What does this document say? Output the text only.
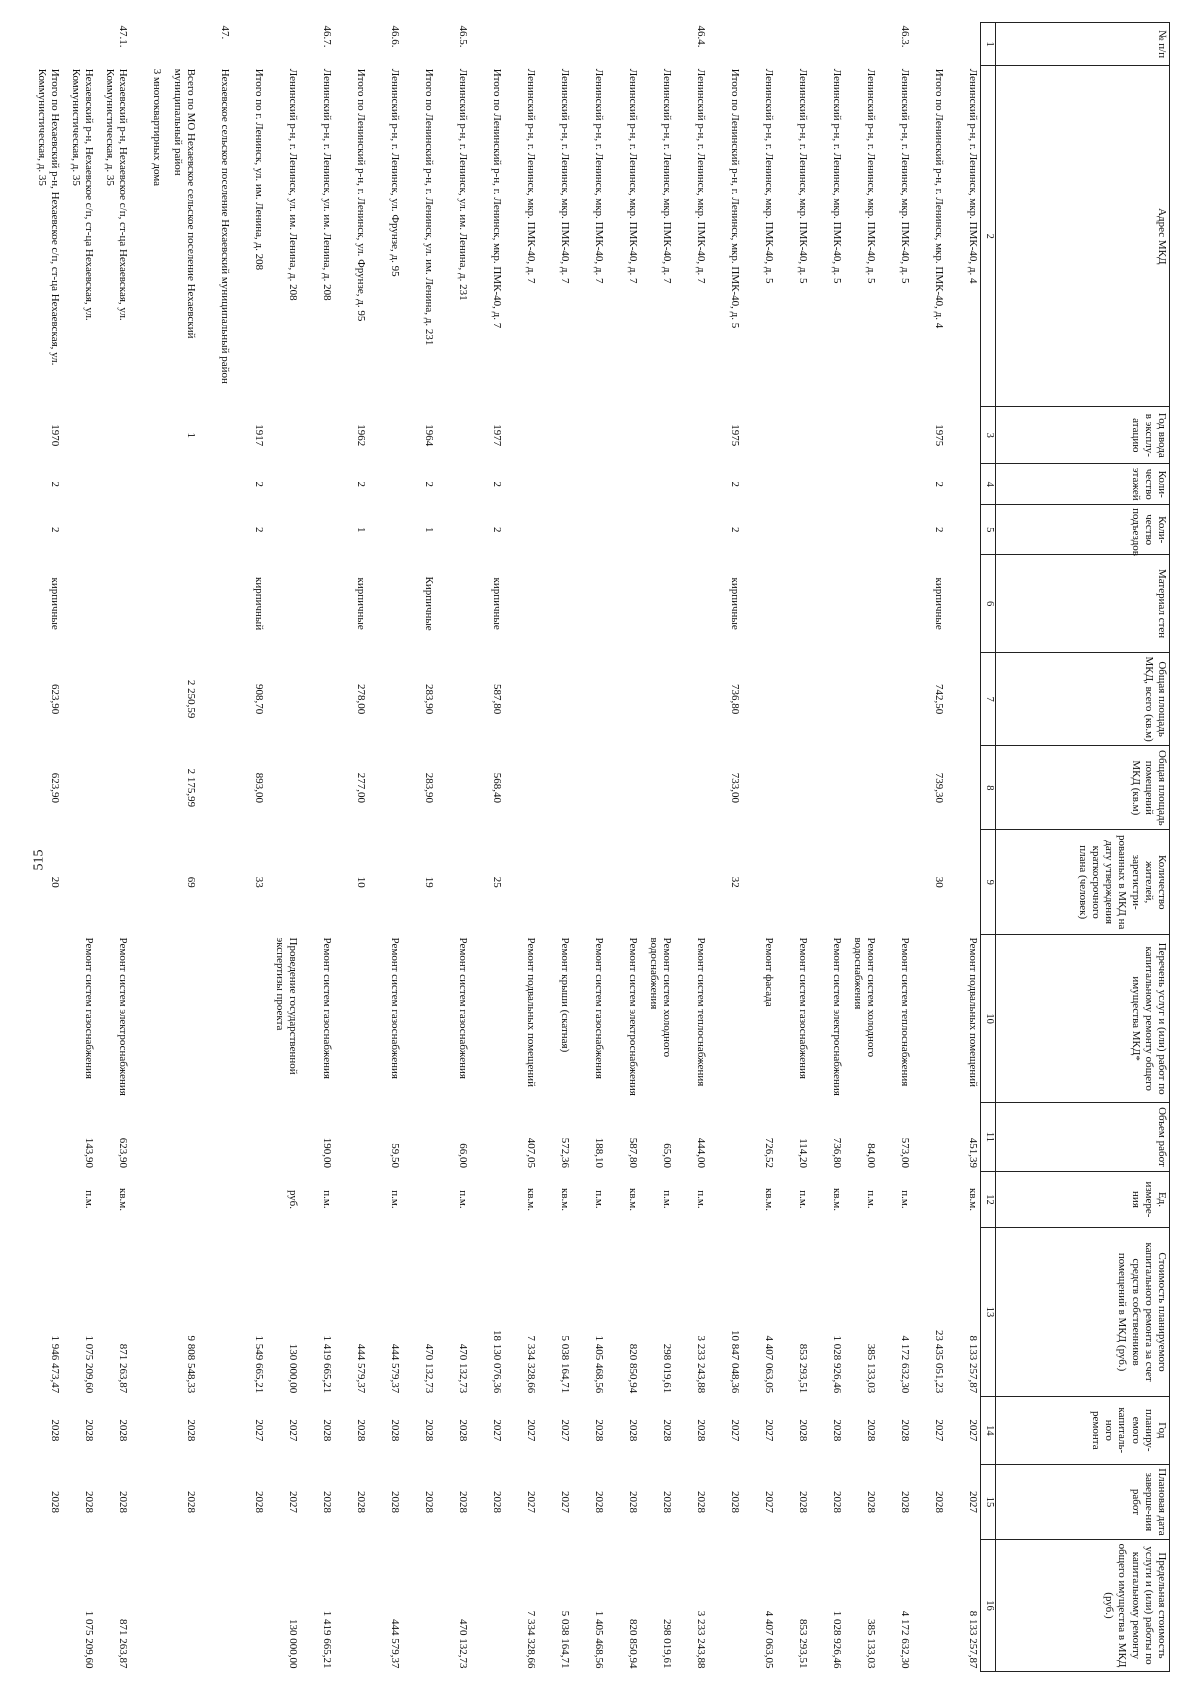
515
№ п/п	Адрес МКД	Год ввода в эксплу-атацию	Коли-чество этажей	Коли-чество подъездов	Материал стен	Общая площадь МКД, всего (кв.м)	Общая площадь помещений МКД (кв.м)	Количество жителей, зарегистри-рованных в МКД на дату утверждения краткосрочного плана (человек)	Перечень услуг и (или) работ по капитальному ремонту общего имущества МКД*	Объем работ	Ед. измере-ния	Стоимость планируемого капитального ремонта за счет средств собственников помещений в МКД (руб.)	Год планиру-емого капиталь-ного ремонта	Плановая дата заверше-ния работ	Предельная стоимость услуги и (или) работы по капитальному ремонту общего имущества в МКД (руб.)
1	2	3	4	5	6	7	8	9	10	11	12	13	14	15	16
	Ленинский р-н, г. Ленинск, мкр. ПМК-40, д. 4								Ремонт подвальных помещений	451,39	кв.м.	8 133 257,87	2027	2027	8 133 257,87
	Итого по Ленинский р-н, г. Ленинск, мкр. ПМК-40, д. 4	1975	2	2	кирпичные	742,50	739,30	30				23 435 051,23	2027	2028	
46.3.	Ленинский р-н, г. Ленинск, мкр. ПМК-40, д. 5								Ремонт систем теплоснабжения	573,00	п.м.	4 172 632,30	2028	2028	4 172 632,30
	Ленинский р-н, г. Ленинск, мкр. ПМК-40, д. 5								Ремонт систем холодного водоснабжения	84,00	п.м.	385 133,03	2028	2028	385 133,03
	Ленинский р-н, г. Ленинск, мкр. ПМК-40, д. 5								Ремонт систем электроснабжения	736,80	кв.м.	1 028 926,46	2028	2028	1 028 926,46
	Ленинский р-н, г. Ленинск, мкр. ПМК-40, д. 5								Ремонт систем газоснабжения	114,20	п.м.	853 293,51	2028	2028	853 293,51
	Ленинский р-н, г. Ленинск, мкр. ПМК-40, д. 5								Ремонт фасада	726,52	кв.м.	4 407 063,05	2027	2027	4 407 063,05
	Итого по Ленинский р-н, г. Ленинск, мкр. ПМК-40, д. 5	1975	2	2	кирпичные	736,80	733,00	32				10 847 048,36	2027	2028	
46.4.	Ленинский р-н, г. Ленинск, мкр. ПМК-40, д. 7								Ремонт систем теплоснабжения	444,00	п.м.	3 233 243,88	2028	2028	3 233 243,88
	Ленинский р-н, г. Ленинск, мкр. ПМК-40, д. 7								Ремонт систем холодного водоснабжения	65,00	п.м.	298 019,61	2028	2028	298 019,61
	Ленинский р-н, г. Ленинск, мкр. ПМК-40, д. 7								Ремонт систем электроснабжения	587,80	кв.м.	820 850,94	2028	2028	820 850,94
	Ленинский р-н, г. Ленинск, мкр. ПМК-40, д. 7								Ремонт систем газоснабжения	188,10	п.м.	1 405 468,56	2028	2028	1 405 468,56
	Ленинский р-н, г. Ленинск, мкр. ПМК-40, д. 7								Ремонт крыши (скатная)	572,36	кв.м.	5 038 164,71	2027	2027	5 038 164,71
	Ленинский р-н, г. Ленинск, мкр. ПМК-40, д. 7								Ремонт подвальных помещений	407,05	кв.м.	7 334 328,66	2027	2027	7 334 328,66
	Итого по Ленинский р-н, г. Ленинск, мкр. ПМК-40, д. 7	1977	2	2	кирпичные	587,80	568,40	25				18 130 076,36	2027	2028	
46.5.	Ленинский р-н, г. Ленинск, ул. им. Ленина, д. 231								Ремонт систем газоснабжения	66,00	п.м.	470 132,73	2028	2028	470 132,73
	Итого по Ленинский р-н, г. Ленинск, ул. им. Ленина, д. 231	1964	2	1	Кирпичные	283,90	283,90	19				470 132,73	2028	2028	
46.6.	Ленинский р-н, г. Ленинск, ул. Фрунзе, д. 95								Ремонт систем газоснабжения	59,50	п.м.	444 579,37	2028	2028	444 579,37
	Итого по Ленинский р-н, г. Ленинск, ул. Фрунзе, д. 95	1962	2	1	кирпичные	278,00	277,00	10				444 579,37	2028	2028	
46.7.	Ленинский р-н, г. Ленинск, ул. им. Ленина, д. 208								Ремонт систем газоснабжения	190,00	п.м.	1 419 665,21	2028	2028	1 419 665,21
	Ленинский р-н, г. Ленинск, ул. им. Ленина, д. 208								Проведение государственной экспертизы проекта		руб.	130 000,00	2027	2027	130 000,00
	Итого по г. Ленинск, ул. им. Ленина, д. 208	1917	2	2	кирпичный	908,70	893,00	33				1 549 665,21	2027	2028	
47.	Нехаевское сельское поселение Нехаевский муниципальный район														
	Всего по МО Нехаевское сельское поселение Нехаевский муниципальный район	1				2 250,59	2 175,99	69				9 808 548,33	2028	2028	
	3 многоквартирных дома														
47.1.	Нехаевский р-н, Нехаевское с/п, ст-ца Нехаевская, ул. Коммунистическая, д. 35								Ремонт систем электроснабжения	623,90	кв.м.	871 263,87	2028	2028	871 263,87
	Нехаевский р-н, Нехаевское с/п, ст-ца Нехаевская, ул. Коммунистическая, д. 35								Ремонт систем газоснабжения	143,90	п.м.	1 075 209,60	2028	2028	1 075 209,60
	Итого по Нехаевский р-н, Нехаевское с/п, ст-ца Нехаевская, ул. Коммунистическая, д. 35	1970	2	2	кирпичные	623,90	623,90	20				1 946 473,47	2028	2028	
